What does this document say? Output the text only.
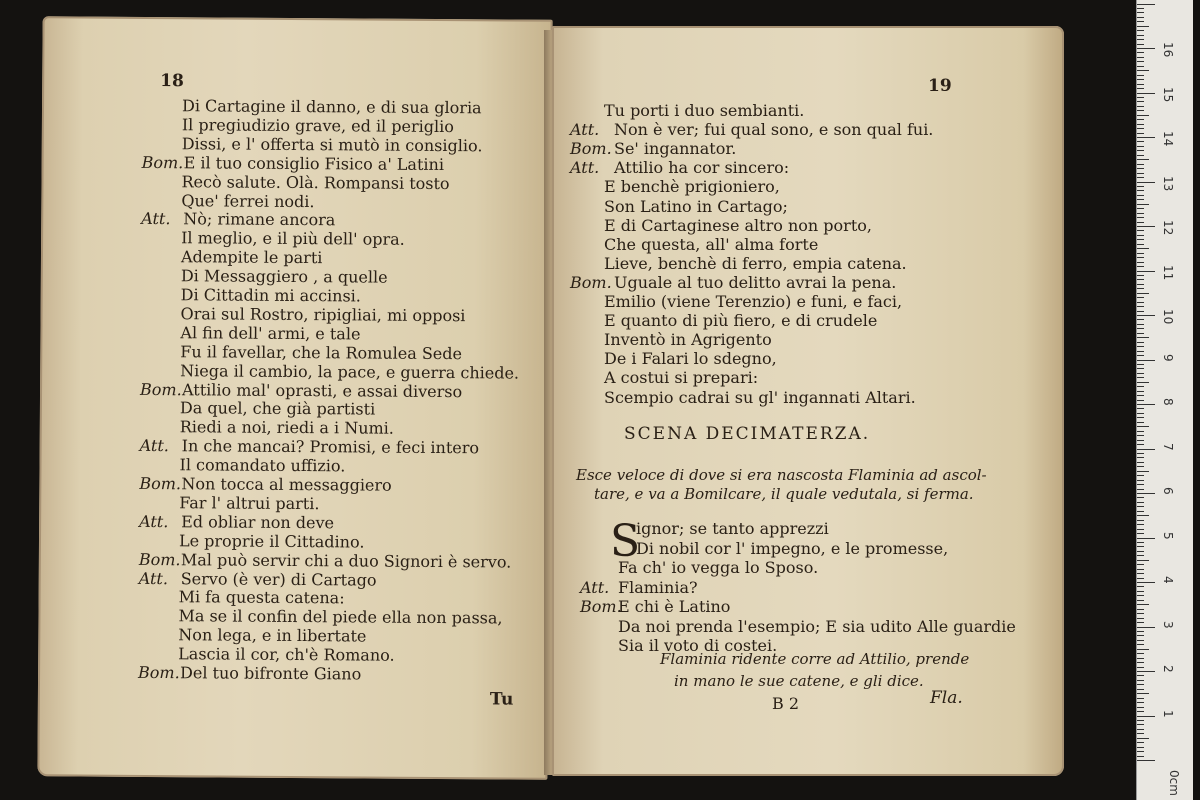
18
Di Cartagine il danno, e di sua gloria
Il pregiudizio grave, ed il periglio
Dissi, e l' offerta si mutò in consiglio.
Bom. E il tuo consiglio Fisico a' Latini
Recò salute. Olà. Rompansi tosto
Que' ferrei nodi.
Att. Nò; rimane ancora
Il meglio, e il più dell' opra.
Adempite le parti
Di Messaggiero , a quelle
Di Cittadin mi accinsi.
Orai sul Rostro, ripigliai, mi opposi
Al fin dell' armi, e tale
Fu il favellar, che la Romulea Sede
Niega il cambio, la pace, e guerra chiede.
Bom. Attilio mal' oprasti, e assai diverso
Da quel, che già partisti
Riedi a noi, riedi a i Numi.
Att. In che mancai? Promisi, e feci intero
Il comandato uffizio.
Bom. Non tocca al messaggiero
Far l' altrui parti.
Att. Ed obliar non deve
Le proprie il Cittadino.
Bom. Mal può servir chi a duo Signori è servo.
Att. Servo (è ver) di Cartago
Mi fa questa catena:
Ma se il confin del piede ella non passa,
Non lega, e in libertate
Lascia il cor, ch'è Romano.
Bom. Del tuo bifronte Giano
Tu
19
Tu porti i duo sembianti.
Att. Non è ver; fui qual sono, e son qual fui.
Bom. Se' ingannator.
Att. Attilio ha cor sincero:
E benchè prigioniero,
Son Latino in Cartago;
E di Cartaginese altro non porto,
Che questa, all' alma forte
Lieve, benchè di ferro, empia catena.
Bom. Uguale al tuo delitto avrai la pena.
Emilio (viene Terenzio) e funi, e faci,
E quanto di più fiero, e di crudele
Inventò in Agrigento
De i Falari lo sdegno,
A costui si prepari:
Scempio cadrai su gl' ingannati Altari.
SCENA DECIMATERZA.
Esce veloce di dove si era nascosta Flaminia ad ascol-
tare, e va a Bomilcare, il quale vedutala, si ferma.
S
ignor; se tanto apprezzi
Di nobil cor l' impegno, e le promesse,
Fa ch' io vegga lo Sposo.
Att. Flaminia?
Bom.
E chi è Latino
Da noi prenda l'esempio; E sia udito Alle guardie
Sia il voto di costei.
Flaminia ridente corre ad Attilio, prende
in mano le sue catene, e gli dice.
B 2	Fla.
0cm
1
2
3
4
5
6
7
8
9
10
11
12
13
14
15
16
